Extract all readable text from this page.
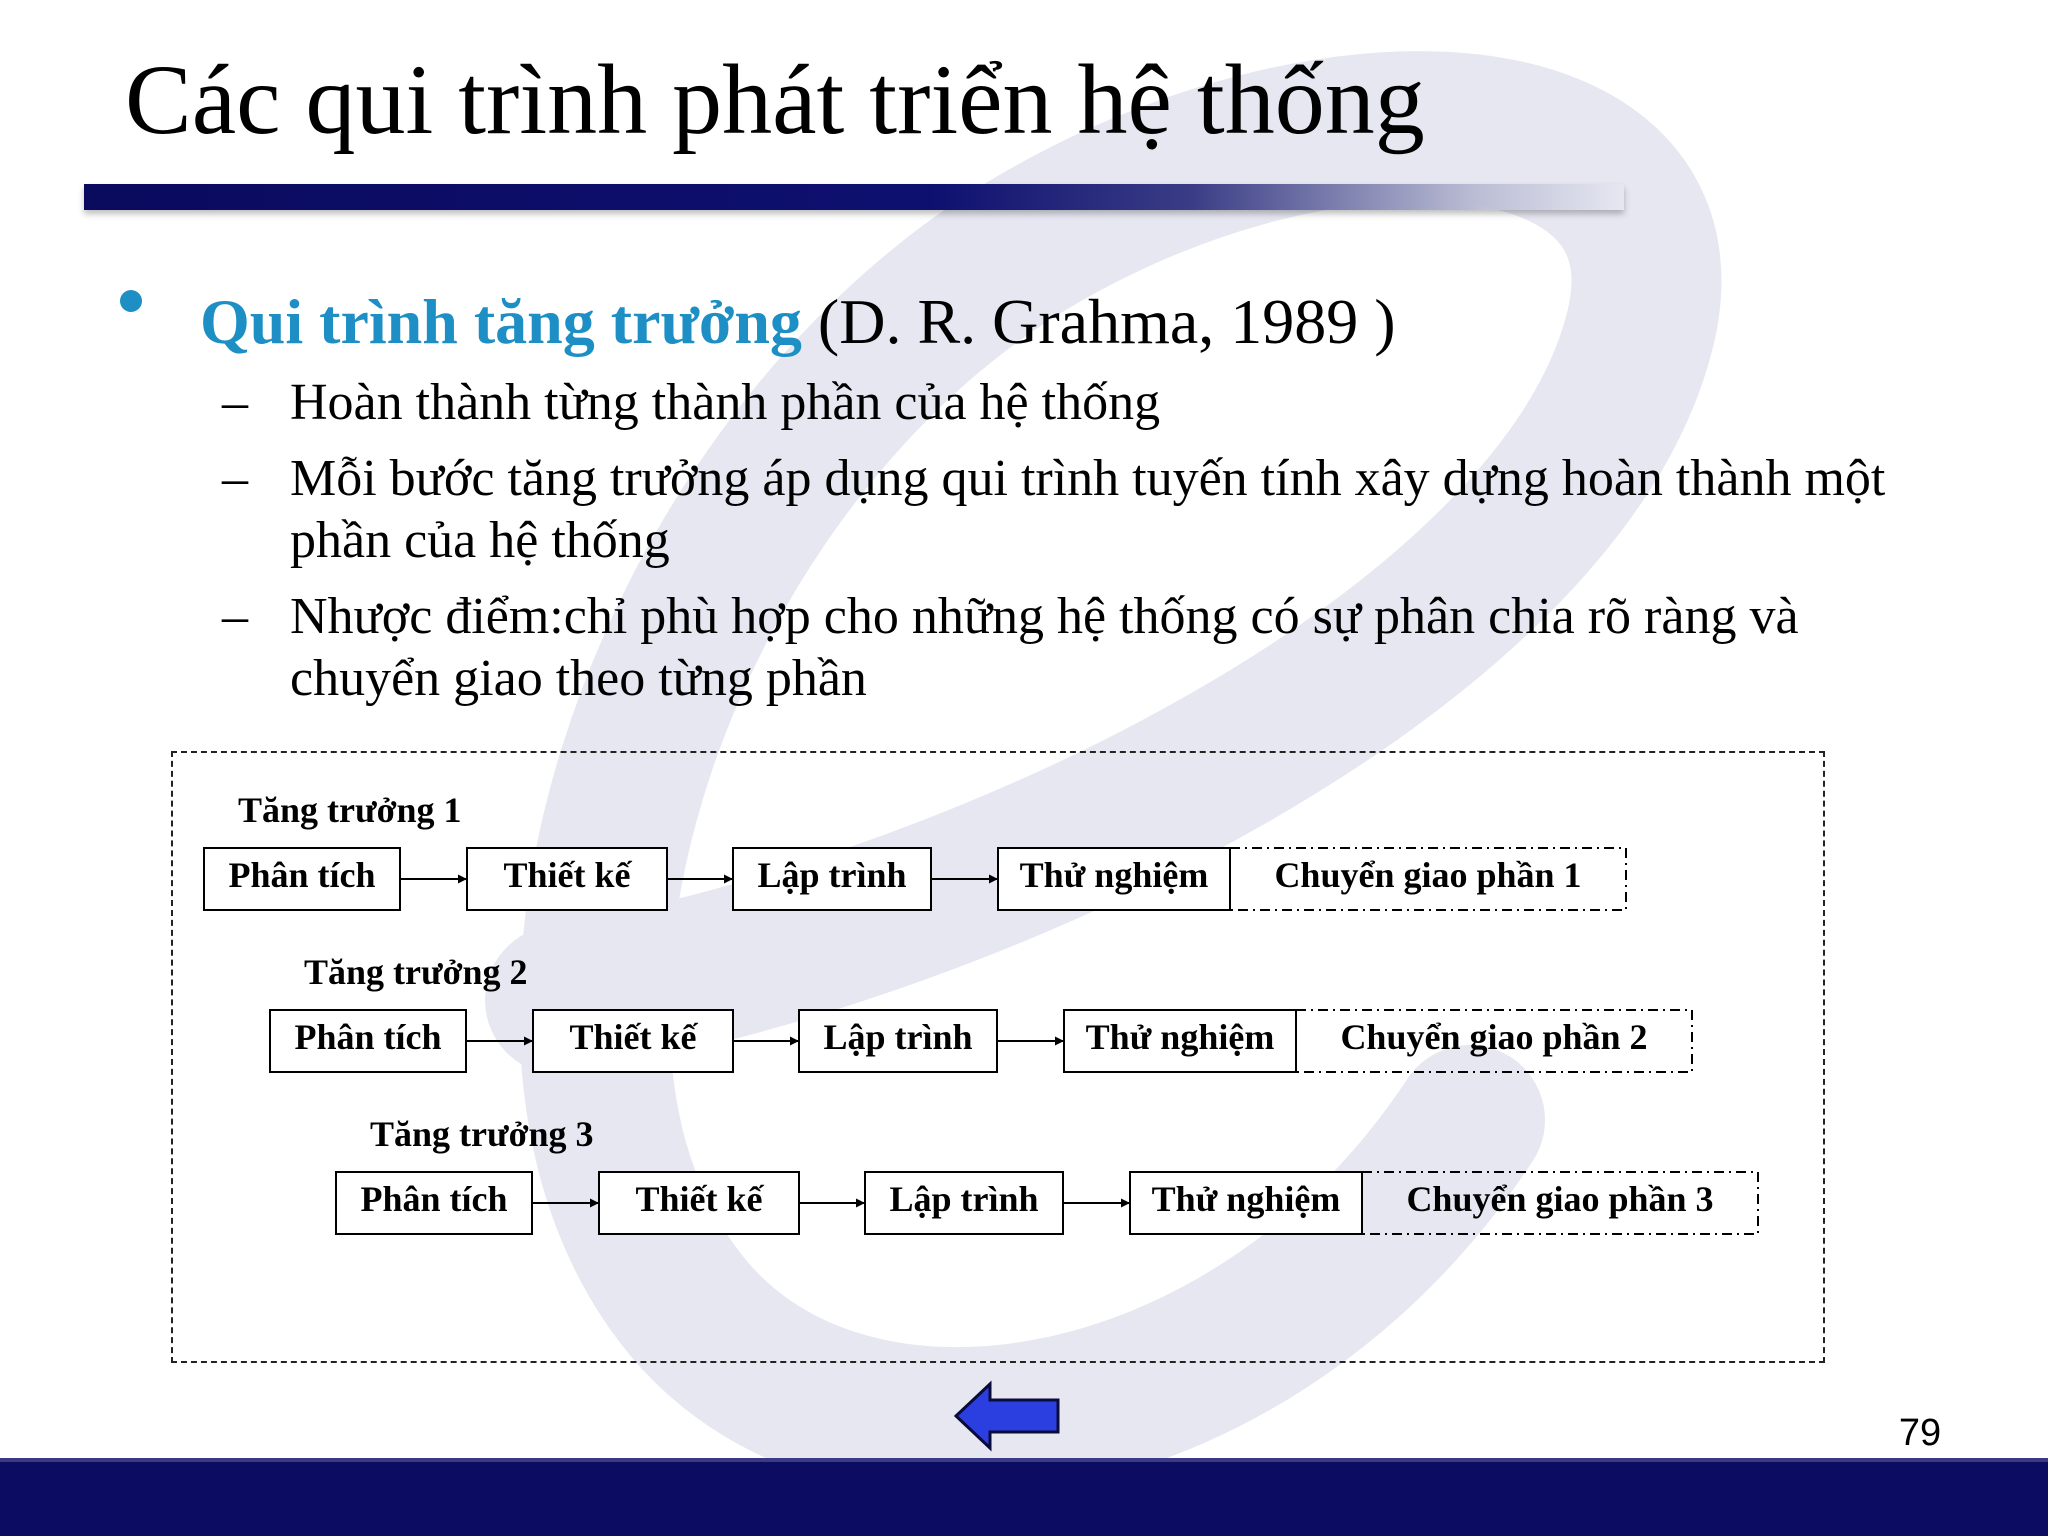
Các qui trình phát triển hệ thống
Qui trình tăng trưởng (D. R. Grahma, 1989 )
– Hoàn thành từng thành phần của hệ thống
– Mỗi bước tăng trưởng áp dụng qui trình tuyến tính xây dựng hoàn thành một phần của hệ thống
– Nhược điểm:chỉ phù hợp cho những hệ thống có sự phân chia rõ ràng và chuyển giao theo từng phần
Tăng trưởng 1
Phân tích	Thiết kế	Lập trình	Thử nghiệm Chuyển giao phần 1
Tăng trưởng 2
Phân tích	Thiết kế	Lập trình	Thử nghiệm Chuyển giao phần 2
Tăng trưởng 3
Phân tích	Thiết kế	Lập trình	Thử nghiệm Chuyển giao phần 3
79
